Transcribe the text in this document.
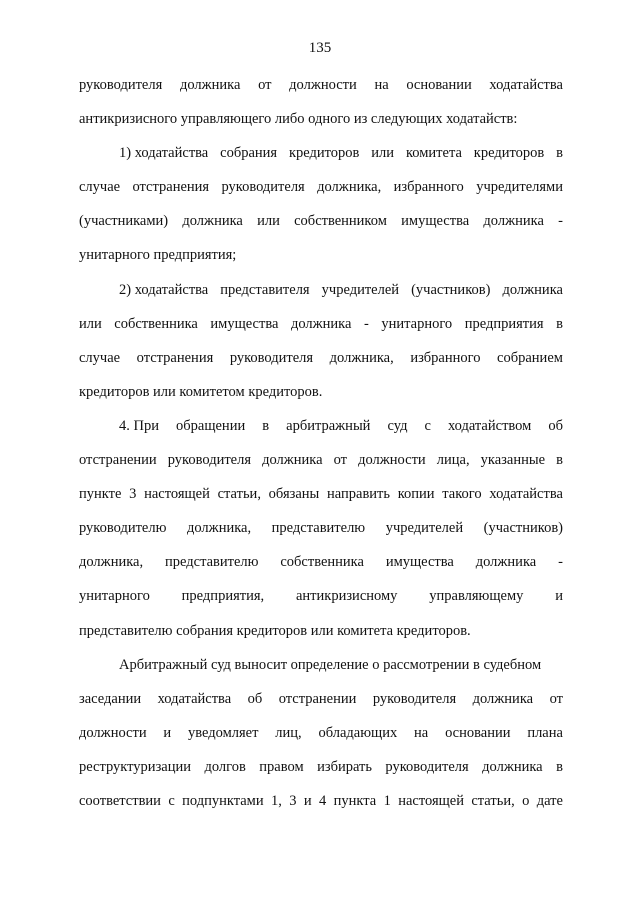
135
руководителя должника от должности на основании ходатайства
антикризисного управляющего либо одного из следующих ходатайств:
1) ходатайства собрания кредиторов или комитета кредиторов в
случае отстранения руководителя должника, избранного учредителями
(участниками) должника или собственником имущества должника -
унитарного предприятия;
2) ходатайства представителя учредителей (участников) должника
или собственника имущества должника - унитарного предприятия в
случае отстранения руководителя должника, избранного собранием
кредиторов или комитетом кредиторов.
4. При обращении в арбитражный суд с ходатайством об
отстранении руководителя должника от должности лица, указанные в
пункте 3 настоящей статьи, обязаны направить копии такого ходатайства
руководителю должника, представителю учредителей (участников)
должника, представителю собственника имущества должника -
унитарного предприятия, антикризисному управляющему и
представителю собрания кредиторов или комитета кредиторов.
Арбитражный суд выносит определение о рассмотрении в судебном
заседании ходатайства об отстранении руководителя должника от
должности и уведомляет лиц, обладающих на основании плана
реструктуризации долгов правом избирать руководителя должника в
соответствии с подпунктами 1, 3 и 4 пункта 1 настоящей статьи, о дате
